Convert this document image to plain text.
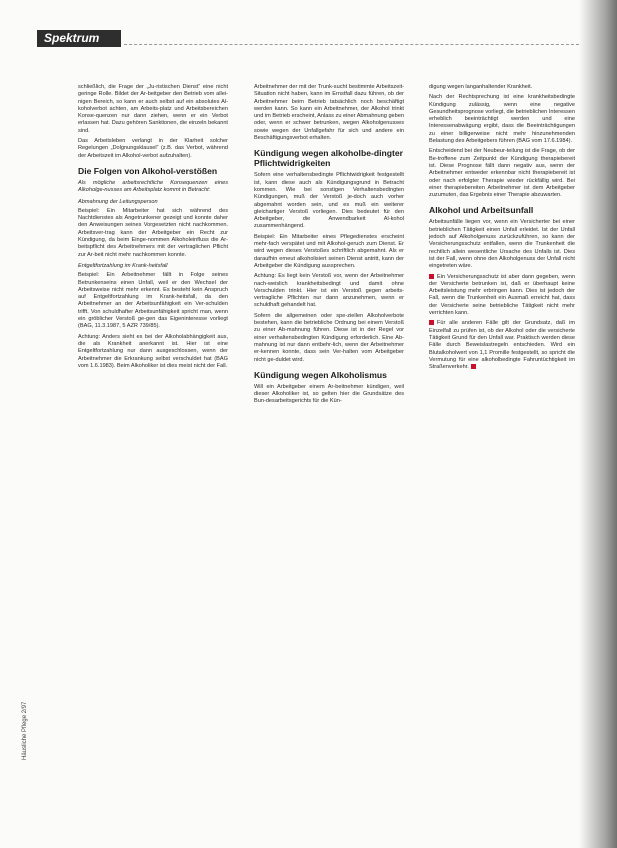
Spektrum
Häusliche Pflege 2/97

schließlich, die Frage der „Ju-ristischen Dienst“ eine nicht geringe Rolle. Bildet der Ar-beitgeber den Betrieb vom allei-nigen Bereich, so kann er auch selbst auf ein absolutes Al-koholverbot achten, am Arbeits-platz und Arbeitsbereichen Konse-quenzen nur dann ziehen, wenn er ein Verbot erlassen hat. Dazu gehören Sanktionen, die einzeln bekannt sind.

Das Arbeitsleben verlangt in der Klarheit solcher Regelungen „Dolgnungsklausel“ (z.B. das Verbot, während der Arbeitszeit im Alkohol-verbot aufzuhalten).

Die Folgen von Alkohol-verstößen

Als mögliche arbeitsrechtliche Konsequenzen eines Alkoholge-nusses am Arbeitsplatz kommt in Betracht:

Abmahnung der Leitungsperson

Beispiel: Ein Mitarbeiter hat sich während des Nachtdienstes als Angetrunkener gezeigt und konnte daher den Anweisungen seines Vorgesetzten nicht nachkommen. Arbeitsver-trag kann der Arbeitgeber ein Recht zur Kündigung, da beim Einge-nommen Alkoholeinfluss die Ar-beitspflicht des Arbeitnehmers mit der vertraglichen Pflicht zur Ar-beit nicht mehr nachkommen konnte.

Entgeltfortzahlung im Krank-heitsfall

Beispiel: Ein Arbeitnehmer fällt in Folge seines Betrunkenseins einen Unfall, weil er den Wechsel der Arbeitsweise nicht mehr erkennt. Es besteht kein Anspruch auf Entgeltfortzahlung im Krank-heitsfall, da den Arbeitnehmer an der Arbeitsunfähigkeit ein Ver-schulden trifft. Von schuldhafter Arbeitsunfähigkeit spricht man, wenn ein gröblicher Verstoß ge-gen das Eigeninteresse vorliegt (BAG, 11.3.1987, 5 AZR 739/85).

Achtung: Anders sieht es bei der Alkoholabhängigkeit aus, die als Krankheit anerkannt ist. Hier ist eine Entgeltfortzahlung nur dann ausgeschlossen, wenn der Arbeitnehmer die Erkrankung selbst verschuldet hat (BAG vom 1.6.1983). Beim Alkoholiker ist dies meist nicht der Fall.

Arbeitnehmer der mit der Trunk-sucht bestimmte Arbeitszeit-Situation nicht haben, kann im Ernstfall dazu führen, ob der Arbeitnehmer beim Betrieb tatsächlich noch beschäftigt werden kann. So kann ein Arbeitnehmer, der Alkohol trinkt und im Betrieb erscheint, Anlass zu einer Abmahnung geben oder, wenn er schwer betrunken, wegen Alkoholgenusses sowie wegen der Unfallgefahr für sich und andere ein Beschäftigungsverbot erhalten.

Kündigung wegen alkoholbe-dingter Pflichtwidrigkeiten

Sofern eine verhaltensbedingte Pflichtwidrigkeit festgestellt ist, kann diese auch als Kündigungsgrund in Betracht kommen. Wie bei sonstigen Verhaltensbedingten Kündigungen, muß der Verstoß je-doch auch vorher abgemahnt worden sein, und es muß ein weiterer gleichartiger Verstoß vorliegen. Dies bedeutet für den Arbeitgeber, die Anwendbarkeit Al-kohol zusammenhängend.

Beispiel: Ein Mitarbeiter eines Pflegedienstes erscheint mehr-fach verspätet und mit Alkohol-geruch zum Dienst. Er wird wegen dieses Verstoßes schriftlich abgemahnt. Als er daraufhin erneut alkoholisiert seinen Dienst antritt, kann der Arbeitgeber die Kündigung aussprechen.

Achtung: Es liegt kein Verstoß vor, wenn der Arbeitnehmer nach-weislich krankheitsbedingt und damit ohne Verschulden trinkt. Hier ist ein Verstoß gegen arbeits-vertragliche Pflichten nur dann anzunehmen, wenn er schuldhaft gehandelt hat.

Sofern die allgemeinen oder spe-ziellen Alkoholverbote bestehen, kann die betriebliche Ordnung bei einem Verstoß zu einer Ab-mahnung führen. Diese ist in der Regel vor einer verhaltensbedingten Kündigung erforderlich. Eine Ab-mahnung ist nur dann entbehr-lich, wenn der Arbeitnehmer er-kennen konnte, dass sein Ver-halten vom Arbeitgeber nicht ge-duldet wird.

Kündigung wegen Alkoholismus

Will ein Arbeitgeber einem Ar-beitnehmer kündigen, weil dieser Alkoholiker ist, so gelten hier die Grundsätze des Bun-desarbeitsgerichts für die Kün-

digung wegen langanhaltender Krankheit.

Nach der Rechtsprechung ist eine krankheitsbedingte Kündigung zulässig, wenn eine negative Gesundheitsprognose vorliegt, die betrieblichen Interessen erheblich beeinträchtigt werden und eine Interessenabwägung ergibt, dass die Beeinträchtigungen zu einer billigerweise nicht mehr hinzunehmenden Belastung des Arbeitgebers führen (BAG vom 17.6.1984).

Entscheidend bei der Neubeur-teilung ist die Frage, ob der Be-troffene zum Zeitpunkt der Kündigung therapiebereit ist. Diese Prognose fällt dann negativ aus, wenn der Arbeitnehmer entweder erkennbar nicht therapiebereit ist oder nach erfolgter Therapie wieder rückfällig wird. Bei einer therapiebereiten Arbeitnehmer ist dem Arbeitgeber zuzumuten, das Ergebnis einer Therapie abzuwarten.

Alkohol und Arbeitsunfall

Arbeitsunfälle liegen vor, wenn ein Versicherter bei einer betrieblichen Tätigkeit einen Unfall erleidet. Ist der Unfall jedoch auf Alkoholgenuss zurückzuführen, so kann der Versicherungsschutz entfallen, wenn die Trunkenheit die rechtlich allein wesentliche Ursache des Unfalls ist. Dies ist der Fall, wenn ohne den Alkoholgenuss der Unfall nicht eingetreten wäre.

Ein Versicherungsschutz ist aber dann gegeben, wenn der Versicherte betrunken ist, daß er überhaupt keine Arbeitsleistung mehr erbringen kann. Dies ist jedoch der Fall, wenn die Trunkenheit ein Ausmaß erreicht hat, dass der Versicherte seine betriebliche Tätigkeit nicht mehr verrichten kann.

Für alle anderen Fälle gilt der Grundsatz, daß im Einzelfall zu prüfen ist, ob der Alkohol oder die versicherte Tätigkeit Grund für den Unfall war. Praktisch werden diese Fälle durch Beweislastregeln entschieden. Wird ein Blutalkoholwert von 1,1 Promille festgestellt, so spricht die Vermutung für eine alkoholbedingte Fahruntüchtigkeit im Straßenverkehr.
